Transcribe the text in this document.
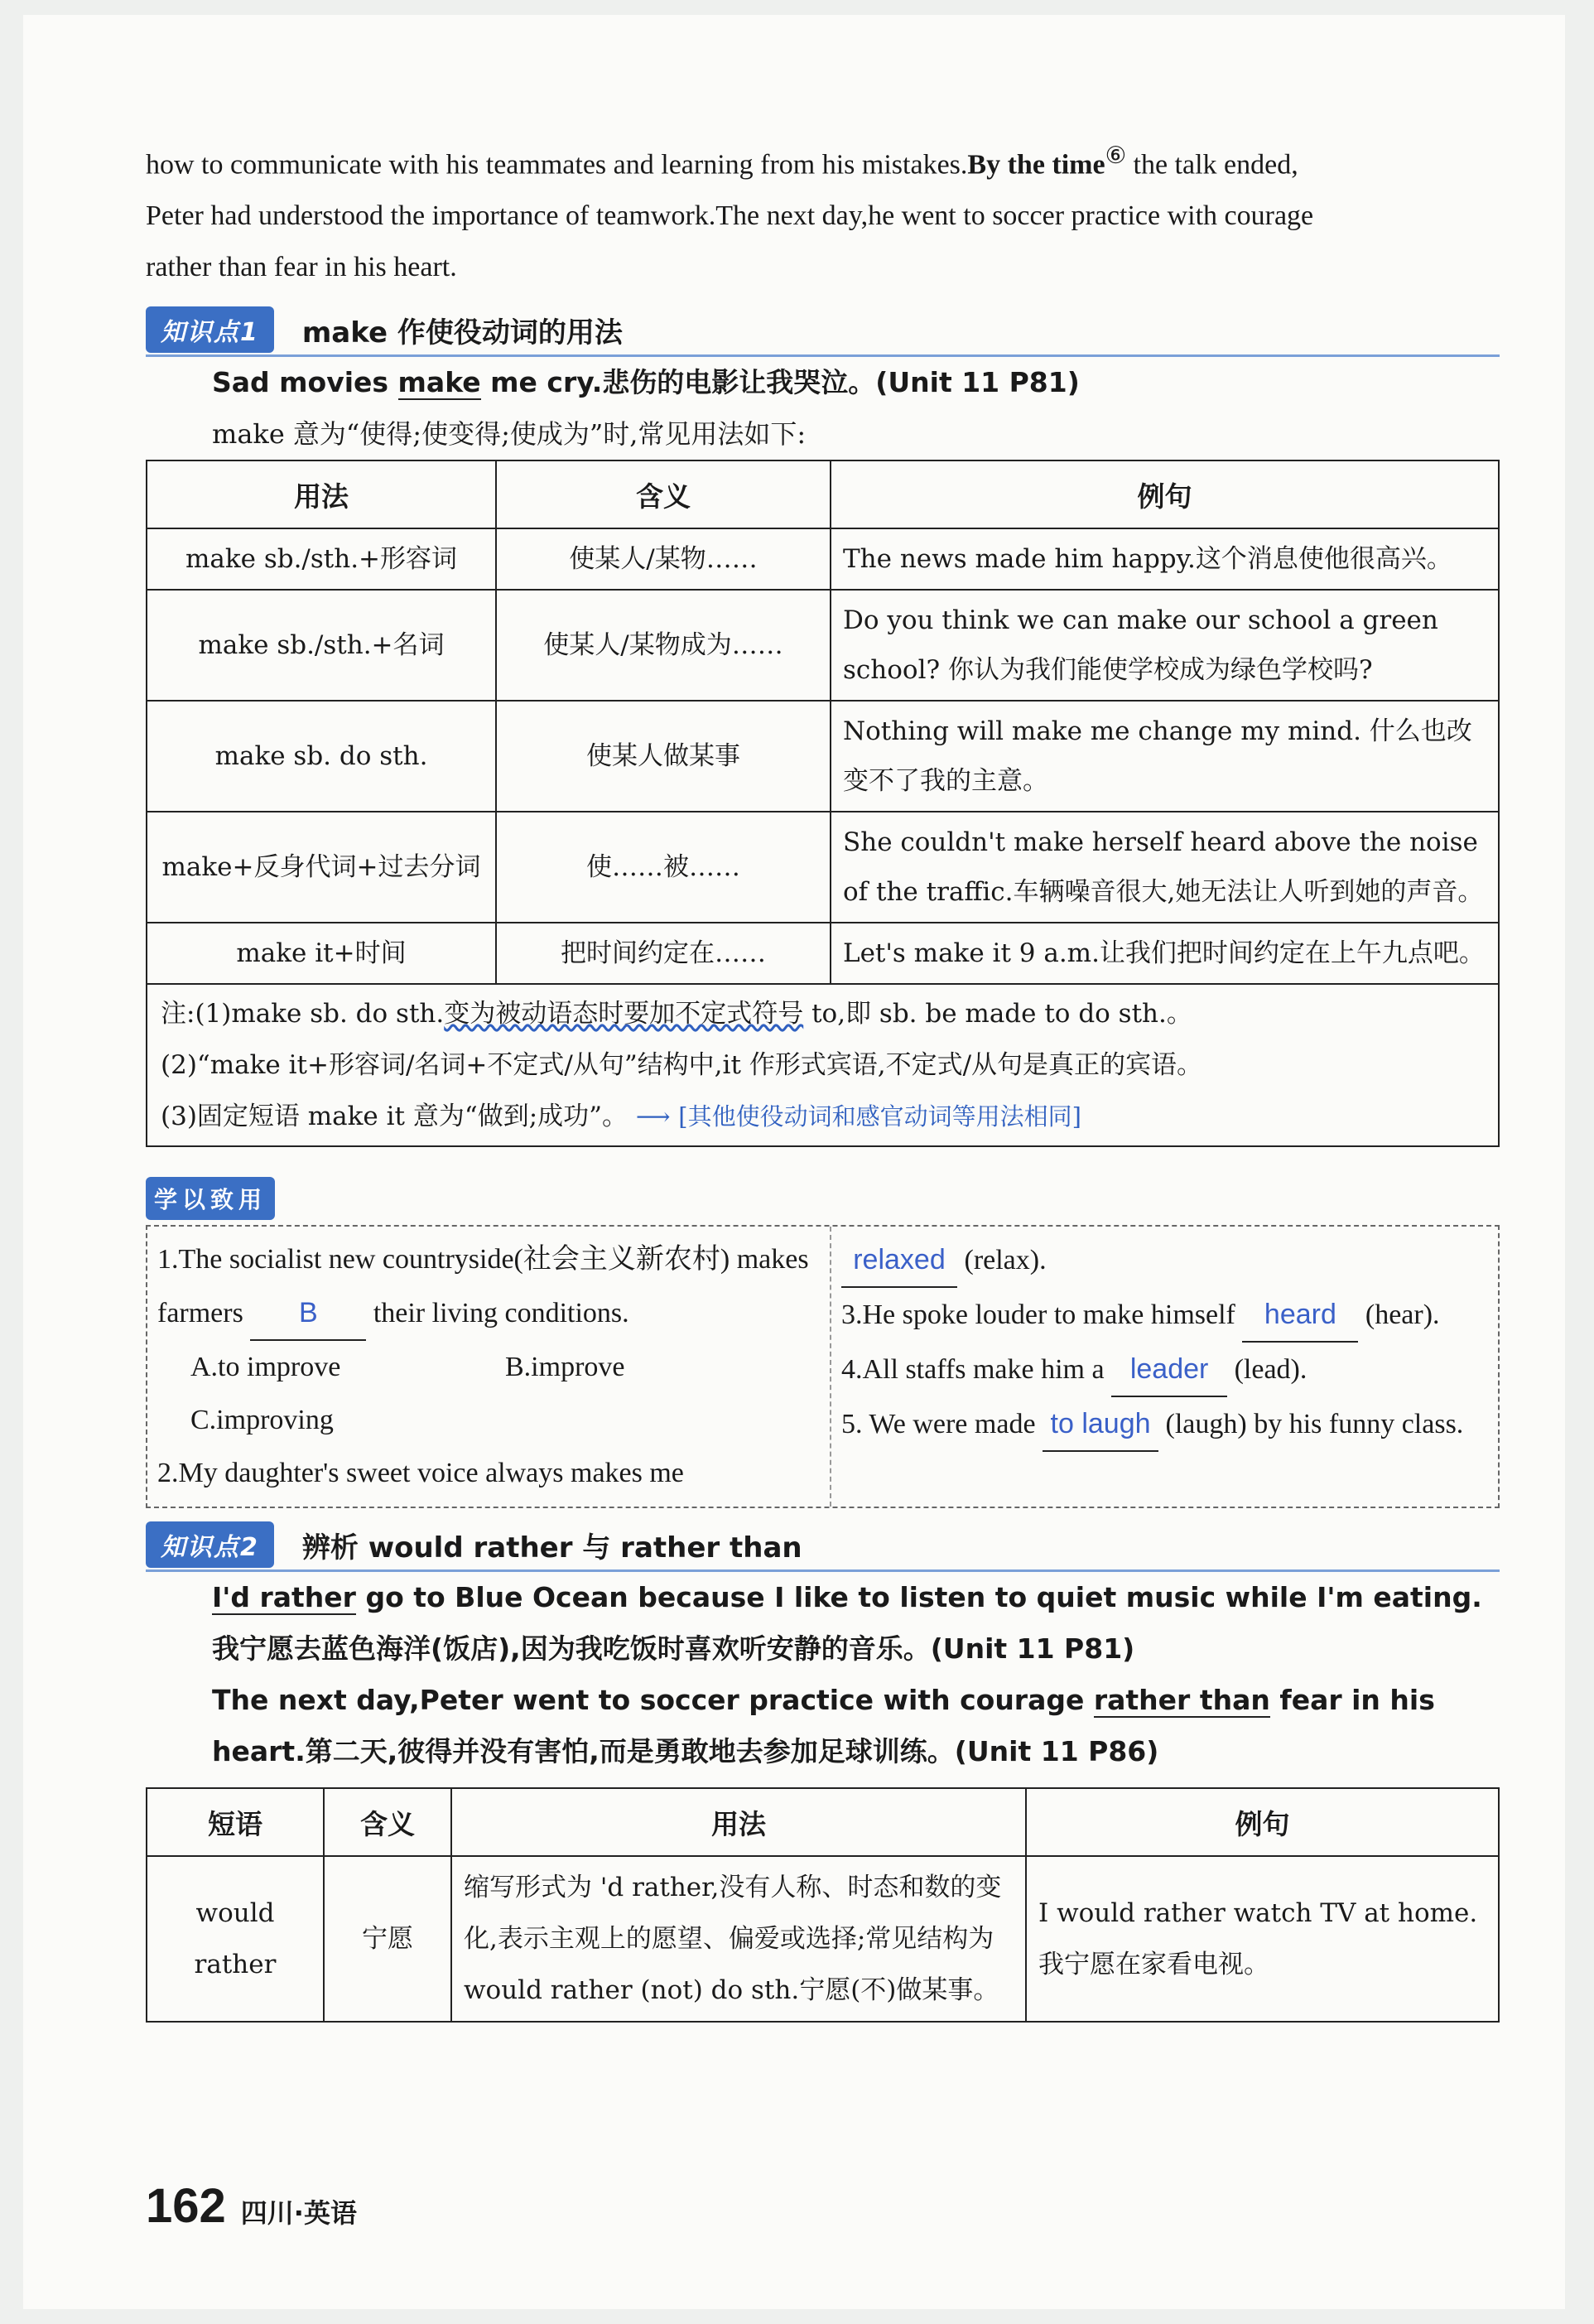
how to communicate with his teammates and learning from his mistakes.By the time⑥ the talk ended,
Peter had understood the importance of teamwork.The next day,he went to soccer practice with courage
rather than fear in his heart.

知识点1	make 作使役动词的用法

Sad movies make me cry.悲伤的电影让我哭泣。(Unit 11 P81)

make 意为“使得;使变得;使成为”时,常见用法如下:

用法	含义	例句
make sb./sth.+形容词	使某人/某物……	The news made him happy.这个消息使他很高兴。
make sb./sth.+名词	使某人/某物成为……	Do you think we can make our school a green school? 你认为我们能使学校成为绿色学校吗?
make sb. do sth.	使某人做某事	Nothing will make me change my mind. 什么也改变不了我的主意。
make+反身代词+过去分词	使……被……	She couldn't make herself heard above the noise of the traffic.车辆噪音很大,她无法让人听到她的声音。
make it+时间	把时间约定在……	Let's make it 9 a.m.让我们把时间约定在上午九点吧。
注:(1)make sb. do sth.变为被动语态时要加不定式符号 to,即 sb. be made to do sth.。
(2)“make it+形容词/名词+不定式/从句”结构中,it 作形式宾语,不定式/从句是真正的宾语。
(3)固定短语 make it 意为“做到;成功”。 ⟶ [其他使役动词和感官动词等用法相同]
学以致用
1.The socialist new countryside(社会主义新农村) makes farmers B their living conditions.
A.to improve	B.improve
C.improving
2.My daughter's sweet voice always makes me
relaxed (relax).
3.He spoke louder to make himself heard (hear).
4.All staffs make him a leader (lead).
5. We were made to laugh (laugh) by his funny class.
知识点2	辨析 would rather 与 rather than

I'd rather go to Blue Ocean because I like to listen to quiet music while I'm eating.我宁愿去蓝色海洋(饭店),因为我吃饭时喜欢听安静的音乐。(Unit 11 P81)

The next day,Peter went to soccer practice with courage rather than fear in his heart.第二天,彼得并没有害怕,而是勇敢地去参加足球训练。(Unit 11 P86)

短语	含义	用法	例句
would rather	宁愿	缩写形式为 'd rather,没有人称、时态和数的变化,表示主观上的愿望、偏爱或选择;常见结构为 would rather (not) do sth.宁愿(不)做某事。	I would rather watch TV at home.我宁愿在家看电视。
162 四川·英语
